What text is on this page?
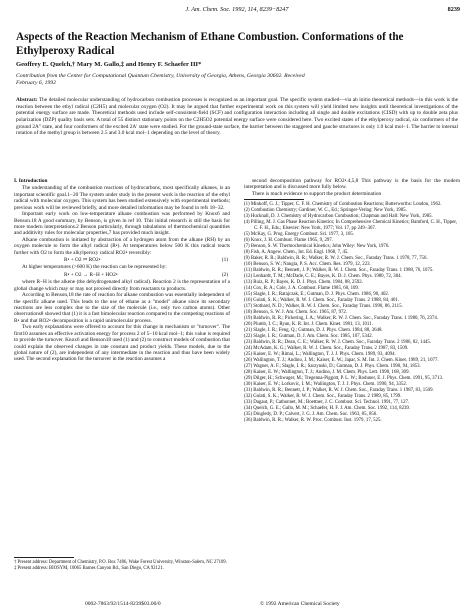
J. Am. Chem. Soc. 1992, 114, 8239−8247	8239
Aspects of the Reaction Mechanism of Ethane Combustion. Conformations of the Ethylperoxy Radical
Geoffrey E. Quelch,† Mary M. Gallo,‡ and Henry F. Schaefer III*
Contribution from the Center for Computational Quantum Chemistry, University of Georgia, Athens, Georgia 30602. Received February 6, 1992
Abstract: The detailed molecular understanding of hydrocarbon combustion processes is recognized as an important goal. The specific system studied—via ab initio theoretical methods—in this work is the reaction between the ethyl radical (C2H5) and molecular oxygen (O2). It may be argued that further experimental work on this system will yield limited new insights until theoretical investigations of the potential energy surface are made. Theoretical methods used include self-consistent-field (SCF) and configuration interaction including all single and double excitations (CISD) with up to double zeta plus polarization (DZP) quality basis sets. A total of 55 distinct stationary points on the C2H5O2 potential energy surface were considered here. Two excited states of the ethylperoxy radical, six conformers of the ground 2A″ state, and four conformers of the excited 2A′ state were studied. For the ground-state surface, the barrier between the staggered and gauche structures is only 1.0 kcal mol−1. The barrier to internal rotation of the methyl group is between 2.5 and 3.0 kcal mol−1 depending on the level of theory.
I. Introduction

The understanding of the combustion reactions of hydrocarbons, most specifically alkanes, is an important scientific goal.1−20 The system under study in the present work is the reaction of the ethyl radical with molecular oxygen. This system has been studied extensively with experimental methods; previous work will be reviewed briefly, and more detailed information may be found in refs 18−32.

Important early work on low-temperature alkane combustion was performed by Knox6 and Benson.18 A good summary, by Benson, is given in ref 10. This initial research is still the basis for more modern interpretations.2 Benson particularly, through tabulations of thermochemical quantities and additivity rules for molecular properties,7 has provided much insight.

Alkane combustion is initiated by abstraction of a hydrogen atom from the alkane (RH) by an oxygen molecule to form the alkyl radical (R•). At temperatures below 500 K this radical reacts further with O2 to form the alkylperoxy radical RO2• reversibly:

R• + O2 ⇌ RO2•	(1)

At higher temperatures (>600 K) the reaction can be represented by:

R• + O2 → R−H + HO2•	(2)

where R−H is the alkene (the dehydrogenated alkyl radical). Reaction 2 is the representation of a global change which may or may not proceed directly from reactants to products.

According to Benson,18 the rate of reaction for alkane combustion was essentially independent of the specific alkane used. This leads to the use of ethane as a "model" alkane since its secondary reactions are less complex due to the size of the molecule (i.e., only two carbon atoms). Other observations8 showed that (1) it is a fast bimolecular reaction compared to the competing reactions of R• and that RO2• decomposition is a rapid unimolecular process.

Two early explanations were offered to account for this change in mechanism or "turnover". The first10 assumes an effective activation energy for process 2 of 5−10 kcal mol−1; this value is required to provide the turnover. Knox6 and Benson18 used (1) and (2) to construct models of combustion that could explain the observed changes in rate constant and product yields. These models, due to the global nature of (2), are independent of any intermediate in the reaction and thus have been widely used. The second explanation for the turnover in the reaction assumes a

† Present address: Department of Chemistry, P.O. Box 7486, Wake Forest University, Winston-Salem, NC 27109.
‡ Present address: BIOSYM, 10065 Barnes Canyon Rd., San Diego, CA 92121.

second decomposition pathway for RO2•.4,5,8 This pathway is the basis for the modern interpretation and is discussed more fully below.

There is much evidence to support the product determination

(1) Minkoff, G. J.; Tipper, C. F. H. Chemistry of Combustion Reactions; Butterworths: London, 1962.

(2) Combustion Chemistry; Gardiner, W. C., Ed.; Springer-Verlag: New York, 1985.

(3) Hucknall, D. J. Chemistry of Hydrocarbon Combustion; Chapman and Hall: New York, 1985.

(4) Pilling, M. J. Gas Phase Reaction Kinetics; In Comprehensive Chemical Kinetics; Bamford, C. H., Tipper, C. F. H., Eds.; Elsevier: New York, 1977; Vol. 17, pp 249−367.

(5) McKay, G. Prog. Energy Combust. Sci. 1977, 3, 105.

(6) Knox, J. H. Combust. Flame 1965, 9, 297.

(7) Benson, S. W. Thermochemical Kinetics; John Wiley: New York, 1976.

(8) Fish, A. Angew. Chem., Int. Ed. Engl. 1968, 7, 45.

(9) Baker, R. R.; Baldwin, R. R.; Walker, R. W. J. Chem. Soc., Faraday Trans. 1 1978, 77, 756.

(10) Benson, S. W.; Nangia, P. S. Acc. Chem. Res. 1979, 12, 223.

(11) Baldwin, R. R.; Bennett, J. P.; Walker, R. W. J. Chem. Soc., Faraday Trans. 1 1980, 76, 1075.

(12) Lenhardt, T. M.; McDade, C. E.; Bayes, K. D. J. Chem. Phys. 1980, 72, 304.

(13) Ruiz, R. P.; Bayes, K. D. J. Phys. Chem. 1984, 88, 2592.

(14) Cox, R. A.; Cole, J. A. Combust. Flame 1985, 60, 109.

(15) Slagle, I. R.; Ratajczak, E.; Gutman, D. J. Phys. Chem. 1986, 90, 402.

(16) Gulati, S. K.; Walker, R. W. J. Chem. Soc., Faraday Trans. 2 1988, 84, 401.

(17) Stothard, N. D.; Walker, R. W. J. Chem. Soc., Faraday Trans. 1990, 86, 2115.

(18) Benson, S. W. J. Am. Chem. Soc. 1965, 87, 972.

(19) Baldwin, R. R.; Pickering, I. A.; Walker, R. W. J. Chem. Soc., Faraday Trans. 1 1980, 76, 2374.

(20) Plumb, I. C.; Ryan, K. R. Int. J. Chem. Kinet. 1981, 13, 1011.

(21) Slagle, I. R.; Feng, Q.; Gutman, D. J. Phys. Chem. 1984, 88, 3648.

(22) Slagle, I. R.; Gutman, D. J. Am. Chem. Soc. 1985, 107, 5342.

(23) Baldwin, R. R.; Dean, C. E.; Walker, R. W. J. Chem. Soc., Faraday Trans. 2 1986, 82, 1445.

(24) McAdam, K. G.; Walker, R. W. J. Chem. Soc., Faraday Trans. 2 1987, 83, 1509.

(25) Kaiser, E. W.; Rimai, L.; Wallington, T. J. J. Phys. Chem. 1989, 93, 4094.

(26) Wallington, T. J.; Andino, J. M.; Kaiser, E. W.; Japar, S. M. Int. J. Chem. Kinet. 1989, 21, 1077.

(27) Wagner, A. F.; Slagle, I. R.; Sarzynski, D.; Gutman, D. J. Phys. Chem. 1990, 94, 1853.

(28) Kaiser, E. W.; Wallington, T. J.; Andino, J. M. Chem. Phys. Lett. 1990, 168, 309.

(29) Dilger, H.; Schwager, M.; Tregenna-Piggott, P. L. W.; Roduner, E. J. Phys. Chem. 1991, 95, 3713.

(30) Kaiser, E. W.; Lorkovic, I. M.; Wallington, T. J. J. Phys. Chem. 1990, 94, 3352.

(31) Baldwin, R. R.; Bennett, J. P.; Walker, R. W. J. Chem. Soc., Faraday Trans. 1 1987, 83, 1509.

(32) Gulati, S. K.; Walker, R. W. J. Chem. Soc., Faraday Trans. 2 1989, 85, 1799.

(33) Dagaut, P.; Cathonnet, M.; Boettner, J. C. Combust. Sci. Technol. 1991, 77, 127.

(34) Quelch, G. E.; Gallo, M. M.; Schaefer, H. F. J. Am. Chem. Soc. 1992, 114, 8239.

(35) Dingledy, D. P.; Calvert, J. G. J. Am. Chem. Soc. 1963, 85, 856.

(36) Baldwin, R. R.; Walker, R. W. Proc. Combust. Inst. 1979, 17, 525.

0002-7863/92/1514-8239$03.00/0	© 1992 American Chemical Society
